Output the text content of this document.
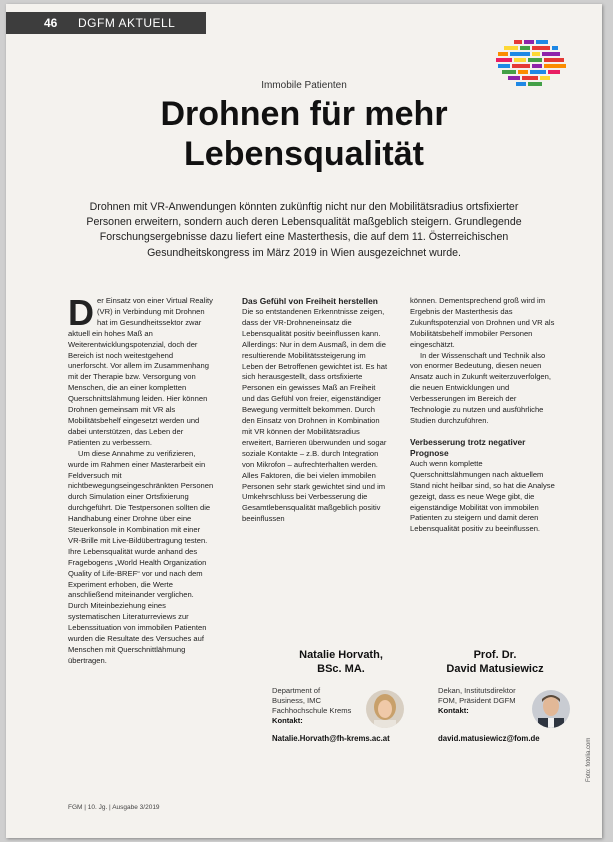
46 DGFM AKTUELL
Immobile Patienten
Drohnen für mehr
Lebensqualität
Drohnen mit VR-Anwendungen könnten zukünftig nicht nur den Mobilitätsradius ortsfixierter Personen erweitern, sondern auch deren Lebensqualität maßgeblich steigern. Grundlegende Forschungsergebnisse dazu liefert eine Masterthesis, die auf dem 11. Österreichischen Gesundheitskongress im März 2019 in Wien ausgezeichnet wurde.

Der Einsatz von einer Virtual Reality (VR) in Verbindung mit Drohnen hat im Gesundheitssektor zwar aktuell ein hohes Maß an Weiterentwicklungspotenzial, doch der Bereich ist noch weitestgehend unerforscht. Vor allem im Zusammenhang mit der Therapie bzw. Versorgung von Menschen, die an einer kompletten Querschnittslähmung leiden. Hier können Drohnen gemeinsam mit VR als Mobilitätsbehelf eingesetzt werden und dabei unterstützen, das Leben der Patienten zu verbessern.

Um diese Annahme zu verifizieren, wurde im Rahmen einer Masterarbeit ein Feldversuch mit nichtbewegungseingeschränkten Personen durch Simulation einer Ortsfixierung durchgeführt. Die Testpersonen sollten die Handhabung einer Drohne über eine Steuerkonsole in Kombination mit einer VR-Brille mit Live-Bildübertragung testen. Ihre Lebensqualität wurde anhand des Fragebogens „World Health Organization Quality of Life-BREF“ vor und nach dem Experiment erhoben, die Werte anschließend miteinander verglichen. Durch Miteinbeziehung eines systematischen Literaturreviews zur Lebenssituation von immobilen Patienten wurden die Resultate des Versuches auf Menschen mit Querschnittlähmung übertragen.

Das Gefühl von Freiheit herstellen

Die so entstandenen Erkenntnisse zeigen, dass der VR-Drohneneinsatz die Lebensqualität positiv beeinflussen kann. Allerdings: Nur in dem Ausmaß, in dem die resultierende Mobilitätssteigerung im Leben der Betroffenen gewichtet ist. Es hat sich herausgestellt, dass ortsfixierte Personen ein gewisses Maß an Freiheit und das Gefühl von freier, eigenständiger Bewegung vermittelt bekommen. Durch den Einsatz von Drohnen in Kombination mit VR können der Mobilitätsradius erweitert, Barrieren überwunden und sogar soziale Kontakte – z.B. durch Integration von Mikrofon – aufrechterhalten werden. Alles Faktoren, die bei vielen immobilen Personen sehr stark gewichtet sind und im Umkehrschluss bei Verbesserung die Gesamtlebensqualität maßgeblich positiv beeinflussen

können. Dementsprechend groß wird im Ergebnis der Masterthesis das Zukunftspotenzial von Drohnen und VR als Mobilitätsbehelf immobiler Personen eingeschätzt.

In der Wissenschaft und Technik also von enormer Bedeutung, diesen neuen Ansatz auch in Zukunft weiterzuverfolgen, die neuen Entwicklungen und Verbesserungen im Bereich der Technologie zu nutzen und ausführliche Studien durchzuführen.

Verbesserung trotz negativer Prognose

Auch wenn komplette Querschnittslähmungen nach aktuellem Stand nicht heilbar sind, so hat die Analyse gezeigt, dass es neue Wege gibt, die eigenständige Mobilität von immobilen Patienten zu steigern und damit deren Lebensqualität positiv zu beeinflussen.

Natalie Horvath,
BSc. MA.
Prof. Dr.
David Matusiewicz
Department of Business, IMC Fachhochschule Krems
Kontakt:
Natalie.Horvath@fh-krems.ac.at
Dekan, Institutsdirektor FOM, Präsident DGFM
Kontakt:
david.matusiewicz@fom.de	Foto: fotolia.com
FGM | 10. Jg. | Ausgabe 3/2019
